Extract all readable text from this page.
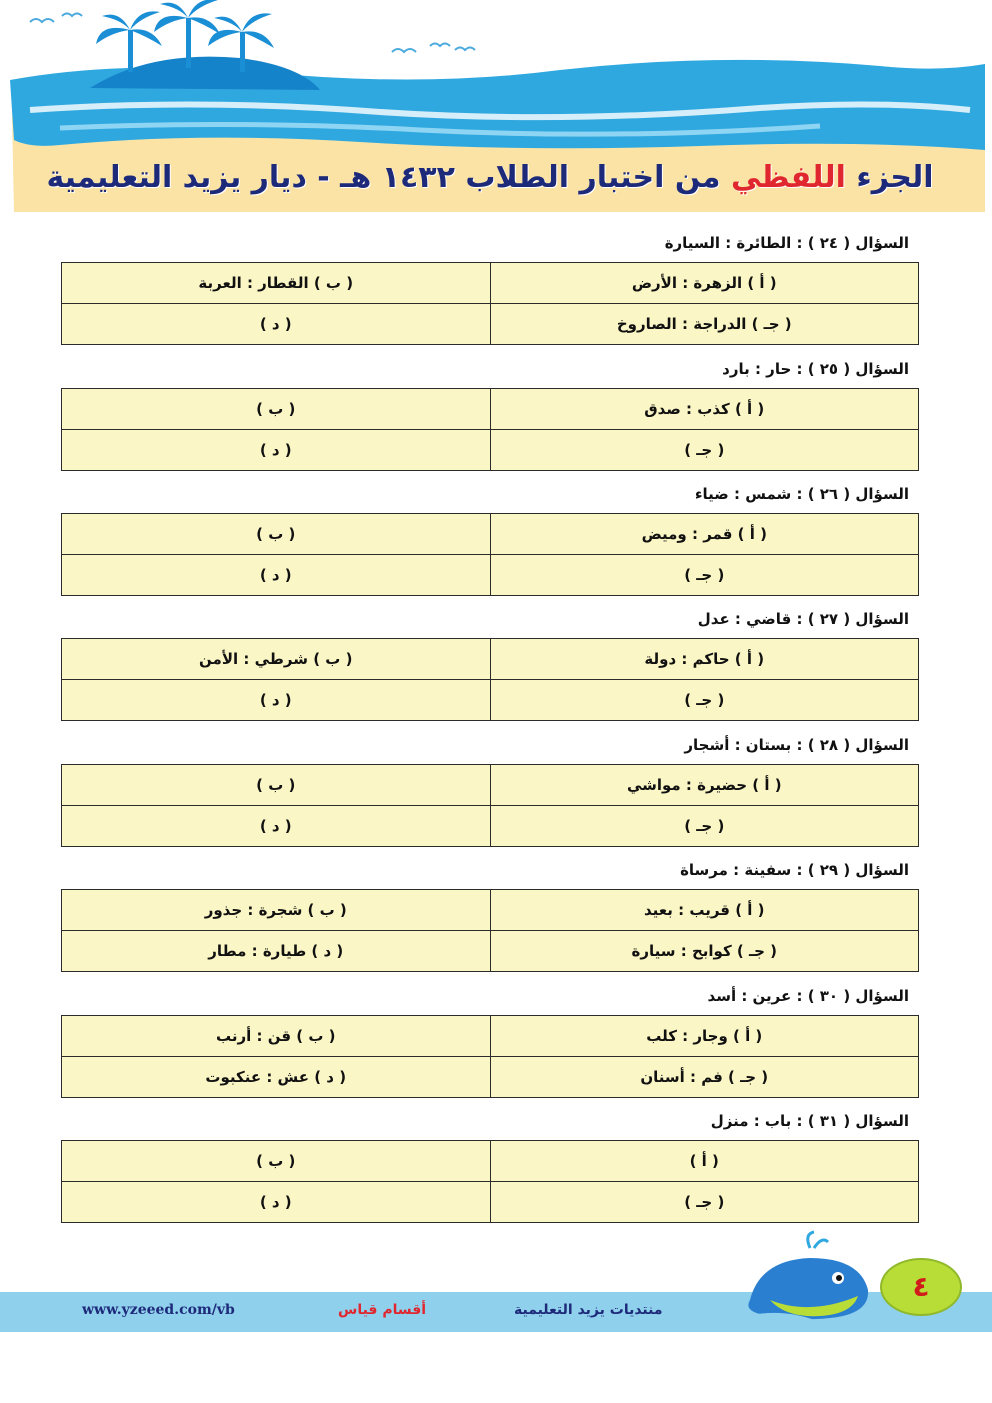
الجزء اللفظي من اختبار الطلاب ١٤٣٢ هـ - ديار يزيد التعليمية
السؤال ( ٢٤ ) : الطائرة : السيارة
( أ ) الزهرة : الأرض	( ب ) القطار : العربة
( جـ ) الدراجة : الصاروخ	( د )
السؤال ( ٢٥ ) : حار : بارد
( أ ) كذب : صدق	( ب )
( جـ )	( د )
السؤال ( ٢٦ ) : شمس : ضياء
( أ ) قمر : وميض	( ب )
( جـ )	( د )
السؤال ( ٢٧ ) : قاضي : عدل
( أ ) حاكم : دولة	( ب ) شرطي : الأمن
( جـ )	( د )
السؤال ( ٢٨ ) : بستان : أشجار
( أ ) حضيرة : مواشي	( ب )
( جـ )	( د )
السؤال ( ٢٩ ) : سفينة : مرساة
( أ ) قريب : بعيد	( ب ) شجرة : جذور
( جـ ) كوابح : سيارة	( د ) طيارة : مطار
السؤال ( ٣٠ ) : عرين : أسد
( أ ) وجار : كلب	( ب ) قن : أرنب
( جـ ) فم : أسنان	( د ) عش : عنكبوت
السؤال ( ٣١ ) : باب : منزل
( أ )	( ب )
( جـ )	( د )
www.yzeeed.com/vb	أقسام قياس	منتديات يزيد التعليمية
٤
